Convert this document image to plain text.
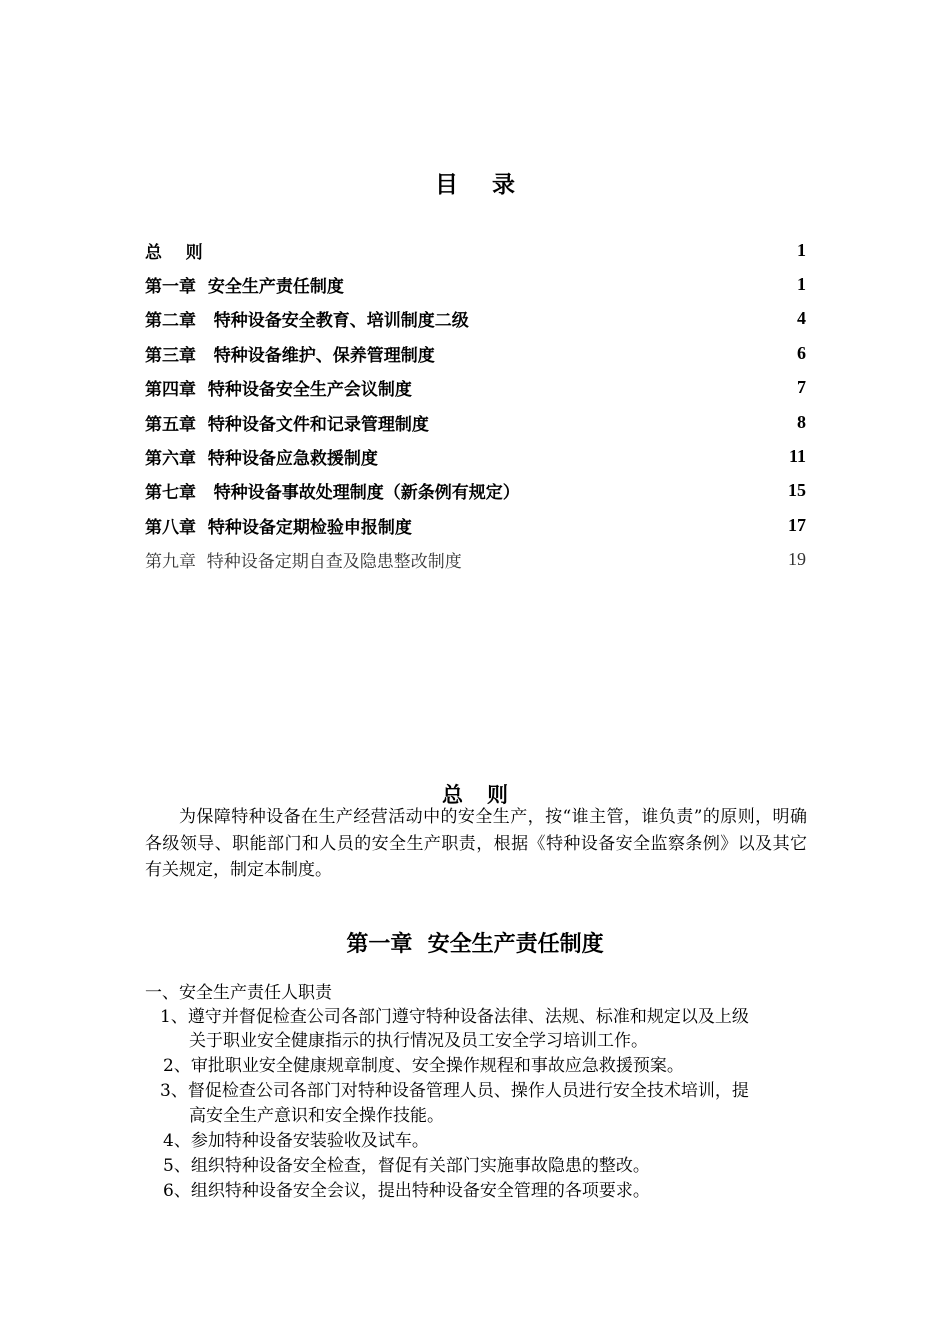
目录
总    则	1
第一章  安全生产责任制度	1
第二章   特种设备安全教育、培训制度二级	4
第三章   特种设备维护、保养管理制度	6
第四章  特种设备安全生产会议制度	7
第五章  特种设备文件和记录管理制度	8
第六章  特种设备应急救援制度	11
第七章   特种设备事故处理制度（新条例有规定）	15
第八章  特种设备定期检验申报制度	17
第九章  特种设备定期自查及隐患整改制度	19
总则
为保障特种设备在生产经营活动中的安全生产，按“谁主管，谁负责”的原则，明确各级领导、职能部门和人员的安全生产职责，根据《特种设备安全监察条例》以及其它有关规定，制定本制度。
第一章  安全生产责任制度
一、安全生产责任人职责
1、遵守并督促检查公司各部门遵守特种设备法律、法规、标准和规定以及上级
关于职业安全健康指示的执行情况及员工安全学习培训工作。
2、审批职业安全健康规章制度、安全操作规程和事故应急救援预案。
3、督促检查公司各部门对特种设备管理人员、操作人员进行安全技术培训，提
高安全生产意识和安全操作技能。
4、参加特种设备安装验收及试车。
5、组织特种设备安全检查，督促有关部门实施事故隐患的整改。
6、组织特种设备安全会议，提出特种设备安全管理的各项要求。
